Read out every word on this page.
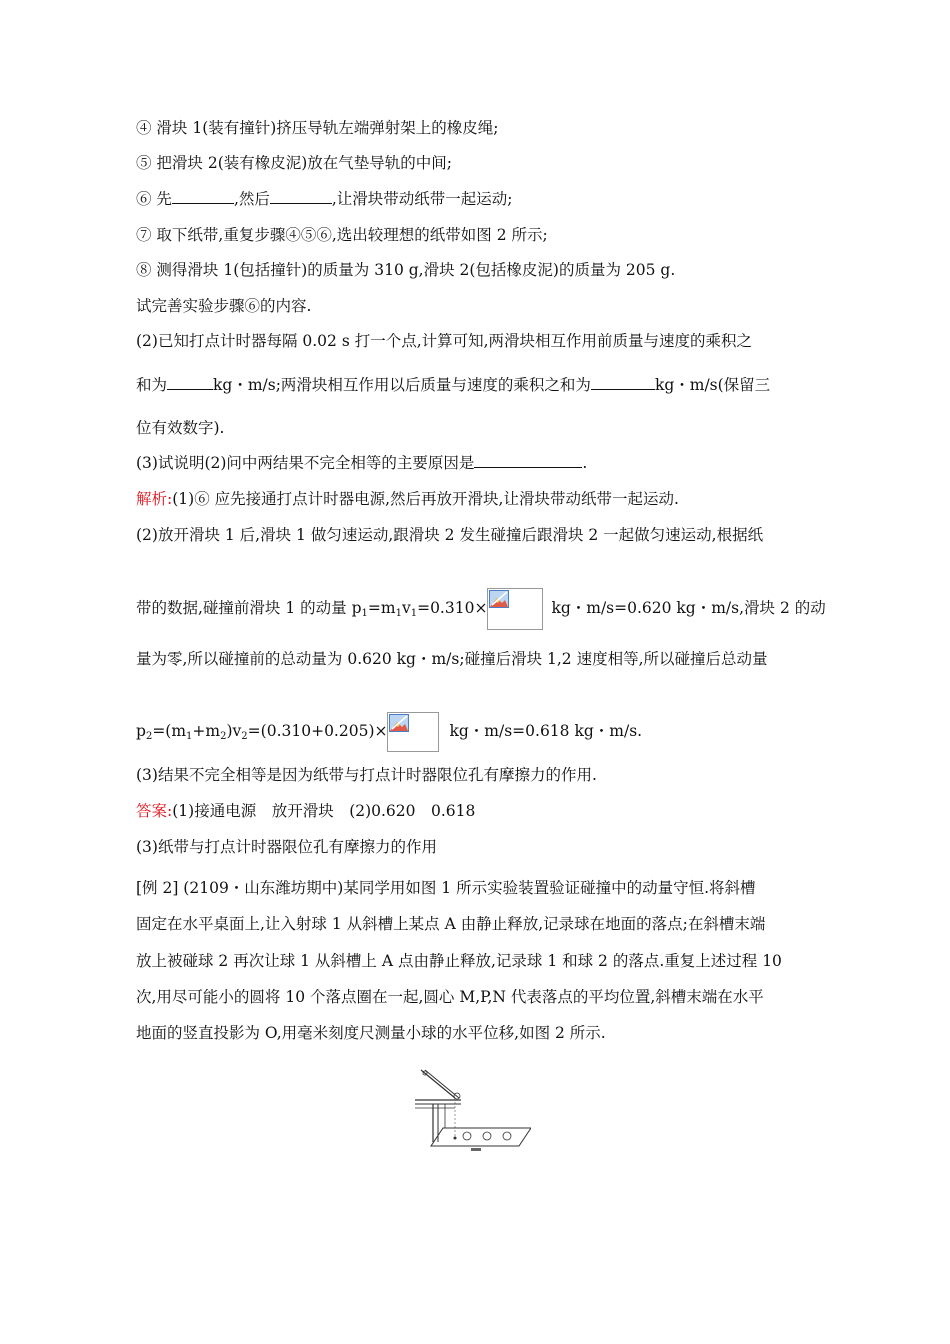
④ 滑块 1(装有撞针)挤压导轨左端弹射架上的橡皮绳;
⑤ 把滑块 2(装有橡皮泥)放在气垫导轨的中间;
⑥ 先	,然后	,让滑块带动纸带一起运动;
⑦ 取下纸带,重复步骤④⑤⑥,选出较理想的纸带如图 2 所示;
⑧ 测得滑块 1(包括撞针)的质量为 310 g,滑块 2(包括橡皮泥)的质量为 205 g.
试完善实验步骤⑥的内容.
(2)已知打点计时器每隔 0.02 s 打一个点,计算可知,两滑块相互作用前质量与速度的乘积之
和为	kg・m/s;两滑块相互作用以后质量与速度的乘积之和为	kg・m/s(保留三
位有效数字).
(3)试说明(2)问中两结果不完全相等的主要原因是	.
解析:(1)⑥ 应先接通打点计时器电源,然后再放开滑块,让滑块带动纸带一起运动.
(2)放开滑块 1 后,滑块 1 做匀速运动,跟滑块 2 发生碰撞后跟滑块 2 一起做匀速运动,根据纸
带的数据,碰撞前滑块 1 的动量 $p_1=m_1v_1=0.310\times$	kg・m/s=0.620 kg・m/s,滑块 2 的动
量为零,所以碰撞前的总动量为 0.620 kg・m/s;碰撞后滑块 1,2 速度相等,所以碰撞后总动量
$p_2=(m_1+m_2)v_2=(0.310+0.205)\times$	kg・m/s=0.618 kg・m/s.
(3)结果不完全相等是因为纸带与打点计时器限位孔有摩擦力的作用.
答案:(1)接通电源　放开滑块　(2)0.620　0.618
(3)纸带与打点计时器限位孔有摩擦力的作用
[例 2] (2109・山东潍坊期中)某同学用如图 1 所示实验装置验证碰撞中的动量守恒.将斜槽
固定在水平桌面上,让入射球 1 从斜槽上某点 A 由静止释放,记录球在地面的落点;在斜槽末端
放上被碰球 2 再次让球 1 从斜槽上 A 点由静止释放,记录球 1 和球 2 的落点.重复上述过程 10
次,用尽可能小的圆将 10 个落点圈在一起,圆心 M,P,N 代表落点的平均位置,斜槽末端在水平
地面的竖直投影为 O,用毫米刻度尺测量小球的水平位移,如图 2 所示.
